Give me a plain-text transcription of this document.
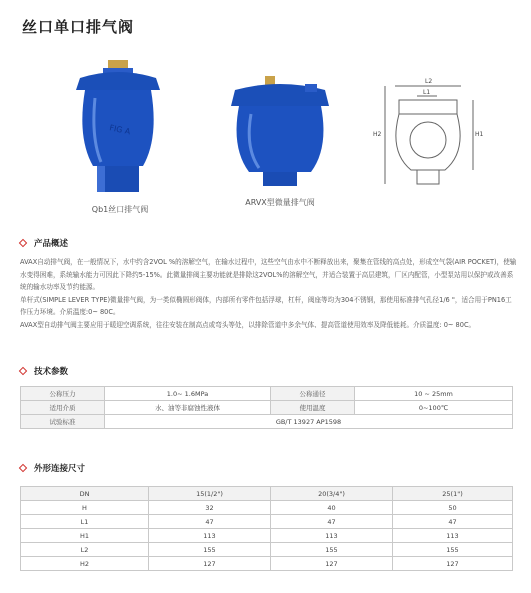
丝口单口排气阀
FIG A
Qb1丝口排气阀
ARVX型微量排气阀
L2
L1
H1
H2
产品概述

AVAX自动排气阀，在一般情况下，水中约含2VOL %的溶解空气，在输水过程中，这些空气由水中不断释放出来，聚集在管线的高点处，形成空气袋(AIR POCKET)，使输水变得困难，系统输水能力可因此下降约5-15%。此微量排阀主要功能就是排除这2VOL%的溶解空气，并适合装置于高层建筑，厂区内配管，小型泵站用以保护或改善系统的输水功率及节约能源。

单杆式(SIMPLE LEVER TYPE)微量排气阀，为一类似椭圆形阀体，内部所有零件包括浮球，杠杆，阀座等均为304不锈钢，那使用标准排气孔径1/6 "，适合用于PN16工作压力环境。介质温度:0~ 80C。

AVAX型自动排气阀主要应用于暖迎空调系统，往往安装在制高点或弯头等处，以排除管道中多余气体、提高管道使用效率及降低能耗。介质温度: 0~ 80C。

技术参数
公称压力	1.0~ 1.6MPa	公称通径	10 ~ 25mm
适用介质	水、油等非腐蚀性液体	使用温度	0~100℃
试验标准	GB/T 13927 AP1598		
外形连接尺寸
DN	15(1/2")	20(3/4")	25(1")
H	32	40	50
L1	47	47	47
H1	113	113	113
L2	155	155	155
H2	127	127	127
